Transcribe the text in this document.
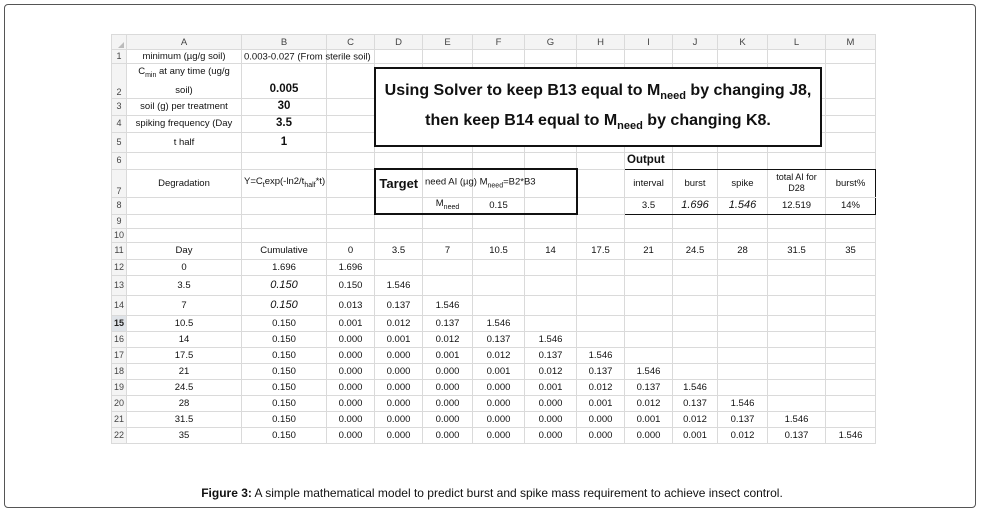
	A	B	C	D	E	F	G	H	I	J	K	L	M
1	minimum (µg/g soil)	0.003-0.027 (From sterile soil)											

2	$C_{min}$ at any time (ug/g
soil)	0.005											
3	soil (g) per treatment	30											
4	spiking frequency (Day	3.5											
5	t half	1											
6									Output				
7	Degradation	$Y=C_t\exp(-\ln 2/t_{half}*t)$		Target	need AI (µg) $M_{need}=B2*B3$				interval	burst	spike	total AI for D28	burst%
8					$M_{need}$	0.15			3.5	1.696	1.546	12.519	14%
9													
10													
11	Day	Cumulative	0	3.5	7	10.5	14	17.5	21	24.5	28	31.5	35
12	0	1.696	1.696										
13	3.5	0.150	0.150	1.546									
14	7	0.150	0.013	0.137	1.546								
15	10.5	0.150	0.001	0.012	0.137	1.546							
16	14	0.150	0.000	0.001	0.012	0.137	1.546						
17	17.5	0.150	0.000	0.000	0.001	0.012	0.137	1.546					
18	21	0.150	0.000	0.000	0.000	0.001	0.012	0.137	1.546				
19	24.5	0.150	0.000	0.000	0.000	0.000	0.001	0.012	0.137	1.546			
20	28	0.150	0.000	0.000	0.000	0.000	0.000	0.001	0.012	0.137	1.546		
21	31.5	0.150	0.000	0.000	0.000	0.000	0.000	0.000	0.001	0.012	0.137	1.546	
22	35	0.150	0.000	0.000	0.000	0.000	0.000	0.000	0.000	0.001	0.012	0.137	1.546
Using Solver to keep B13 equal to $M_{need}$ by changing J8,
then keep B14 equal to $M_{need}$ by changing K8.
Figure 3: A simple mathematical model to predict burst and spike mass requirement to achieve insect control.
